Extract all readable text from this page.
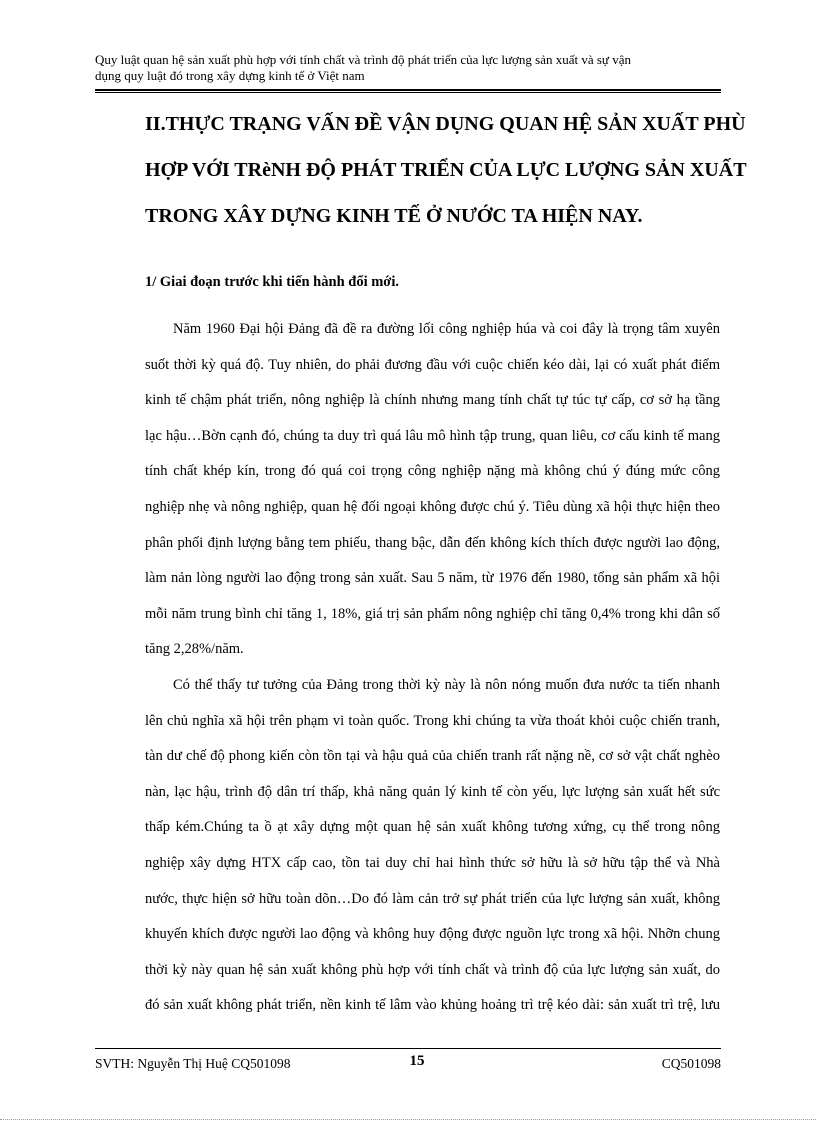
Quy luật quan hệ sản xuất phù hợp với tính chất và trình độ phát triển của lực lượng sản xuất và sự vận
dụng quy luật đó trong xây dựng kinh tế ở Việt nam
II.THỰC TRẠNG VẤN ĐỀ VẬN DỤNG QUAN HỆ SẢN XUẤT PHÙ
HỢP VỚI TRèNH ĐỘ PHÁT TRIỂN CỦA LỰC LƯỢNG SẢN XUẤT
TRONG XÂY DỰNG KINH TẾ Ở NƯỚC TA HIỆN NAY.
1/ Giai đoạn trước khi tiến hành đổi mới.
Năm 1960 Đại hội Đảng đã đề ra đường lối công nghiệp húa và coi đây là trọng tâm xuyên
suốt thời kỳ quá độ. Tuy nhiên, do phải đương đầu với cuộc chiến kéo dài, lại có xuất phát điểm
kinh tế chậm phát triển, nông nghiệp là chính nhưng mang tính chất tự túc tự cấp, cơ sở hạ tầng
lạc hậu…Bờn cạnh đó, chúng ta duy trì quá lâu mô hình tập trung, quan liêu, cơ cấu kinh tế mang
tính chất khép kín, trong đó quá coi trọng công nghiệp nặng mà không chú ý đúng mức công
nghiệp nhẹ và nông nghiệp, quan hệ đối ngoại không được chú ý. Tiêu dùng xã hội thực hiện theo
phân phối định lượng bằng tem phiếu, thang bậc, dẫn đến không kích thích được người lao động,
làm nản lòng người lao động trong sản xuất. Sau 5 năm, từ 1976 đến 1980, tổng sản phẩm xã hội
mỗi năm trung bình chỉ tăng 1, 18%, giá trị sản phẩm nông nghiệp chỉ tăng 0,4% trong khi dân số
tăng 2,28%/năm.
Có thể thấy tư tưởng của Đảng trong thời kỳ này là nôn nóng muốn đưa nước ta tiến nhanh
lên chủ nghĩa xã hội trên phạm vi toàn quốc. Trong khi chúng ta vừa thoát khỏi cuộc chiến tranh,
tàn dư chế độ phong kiến còn tồn tại và hậu quả của chiến tranh rất nặng nề, cơ sở vật chất nghèo
nàn, lạc hậu, trình độ dân trí thấp, khả năng quản lý kinh tế còn yếu, lực lượng sản xuất hết sức
thấp kém.Chúng ta ồ ạt xây dựng một quan hệ sản xuất không tương xứng, cụ thể trong nông
nghiệp xây dựng HTX cấp cao, tồn tai duy chỉ hai hình thức sở hữu là sở hữu tập thể và Nhà
nước, thực hiện sở hữu toàn dõn…Do đó làm cản trở sự phát triển của lực lượng sản xuất, không
khuyến khích được người lao động và không huy động được nguồn lực trong xã hội. Nhỡn chung
thời kỳ này quan hệ sản xuất không phù hợp với tính chất và trình độ của lực lượng sản xuất, do
đó sản xuất không phát triển, nền kinh tế lâm vào khủng hoảng trì trệ kéo dài: sản xuất trì trệ, lưu
SVTH: Nguyễn Thị Huệ CQ501098	15	CQ501098
